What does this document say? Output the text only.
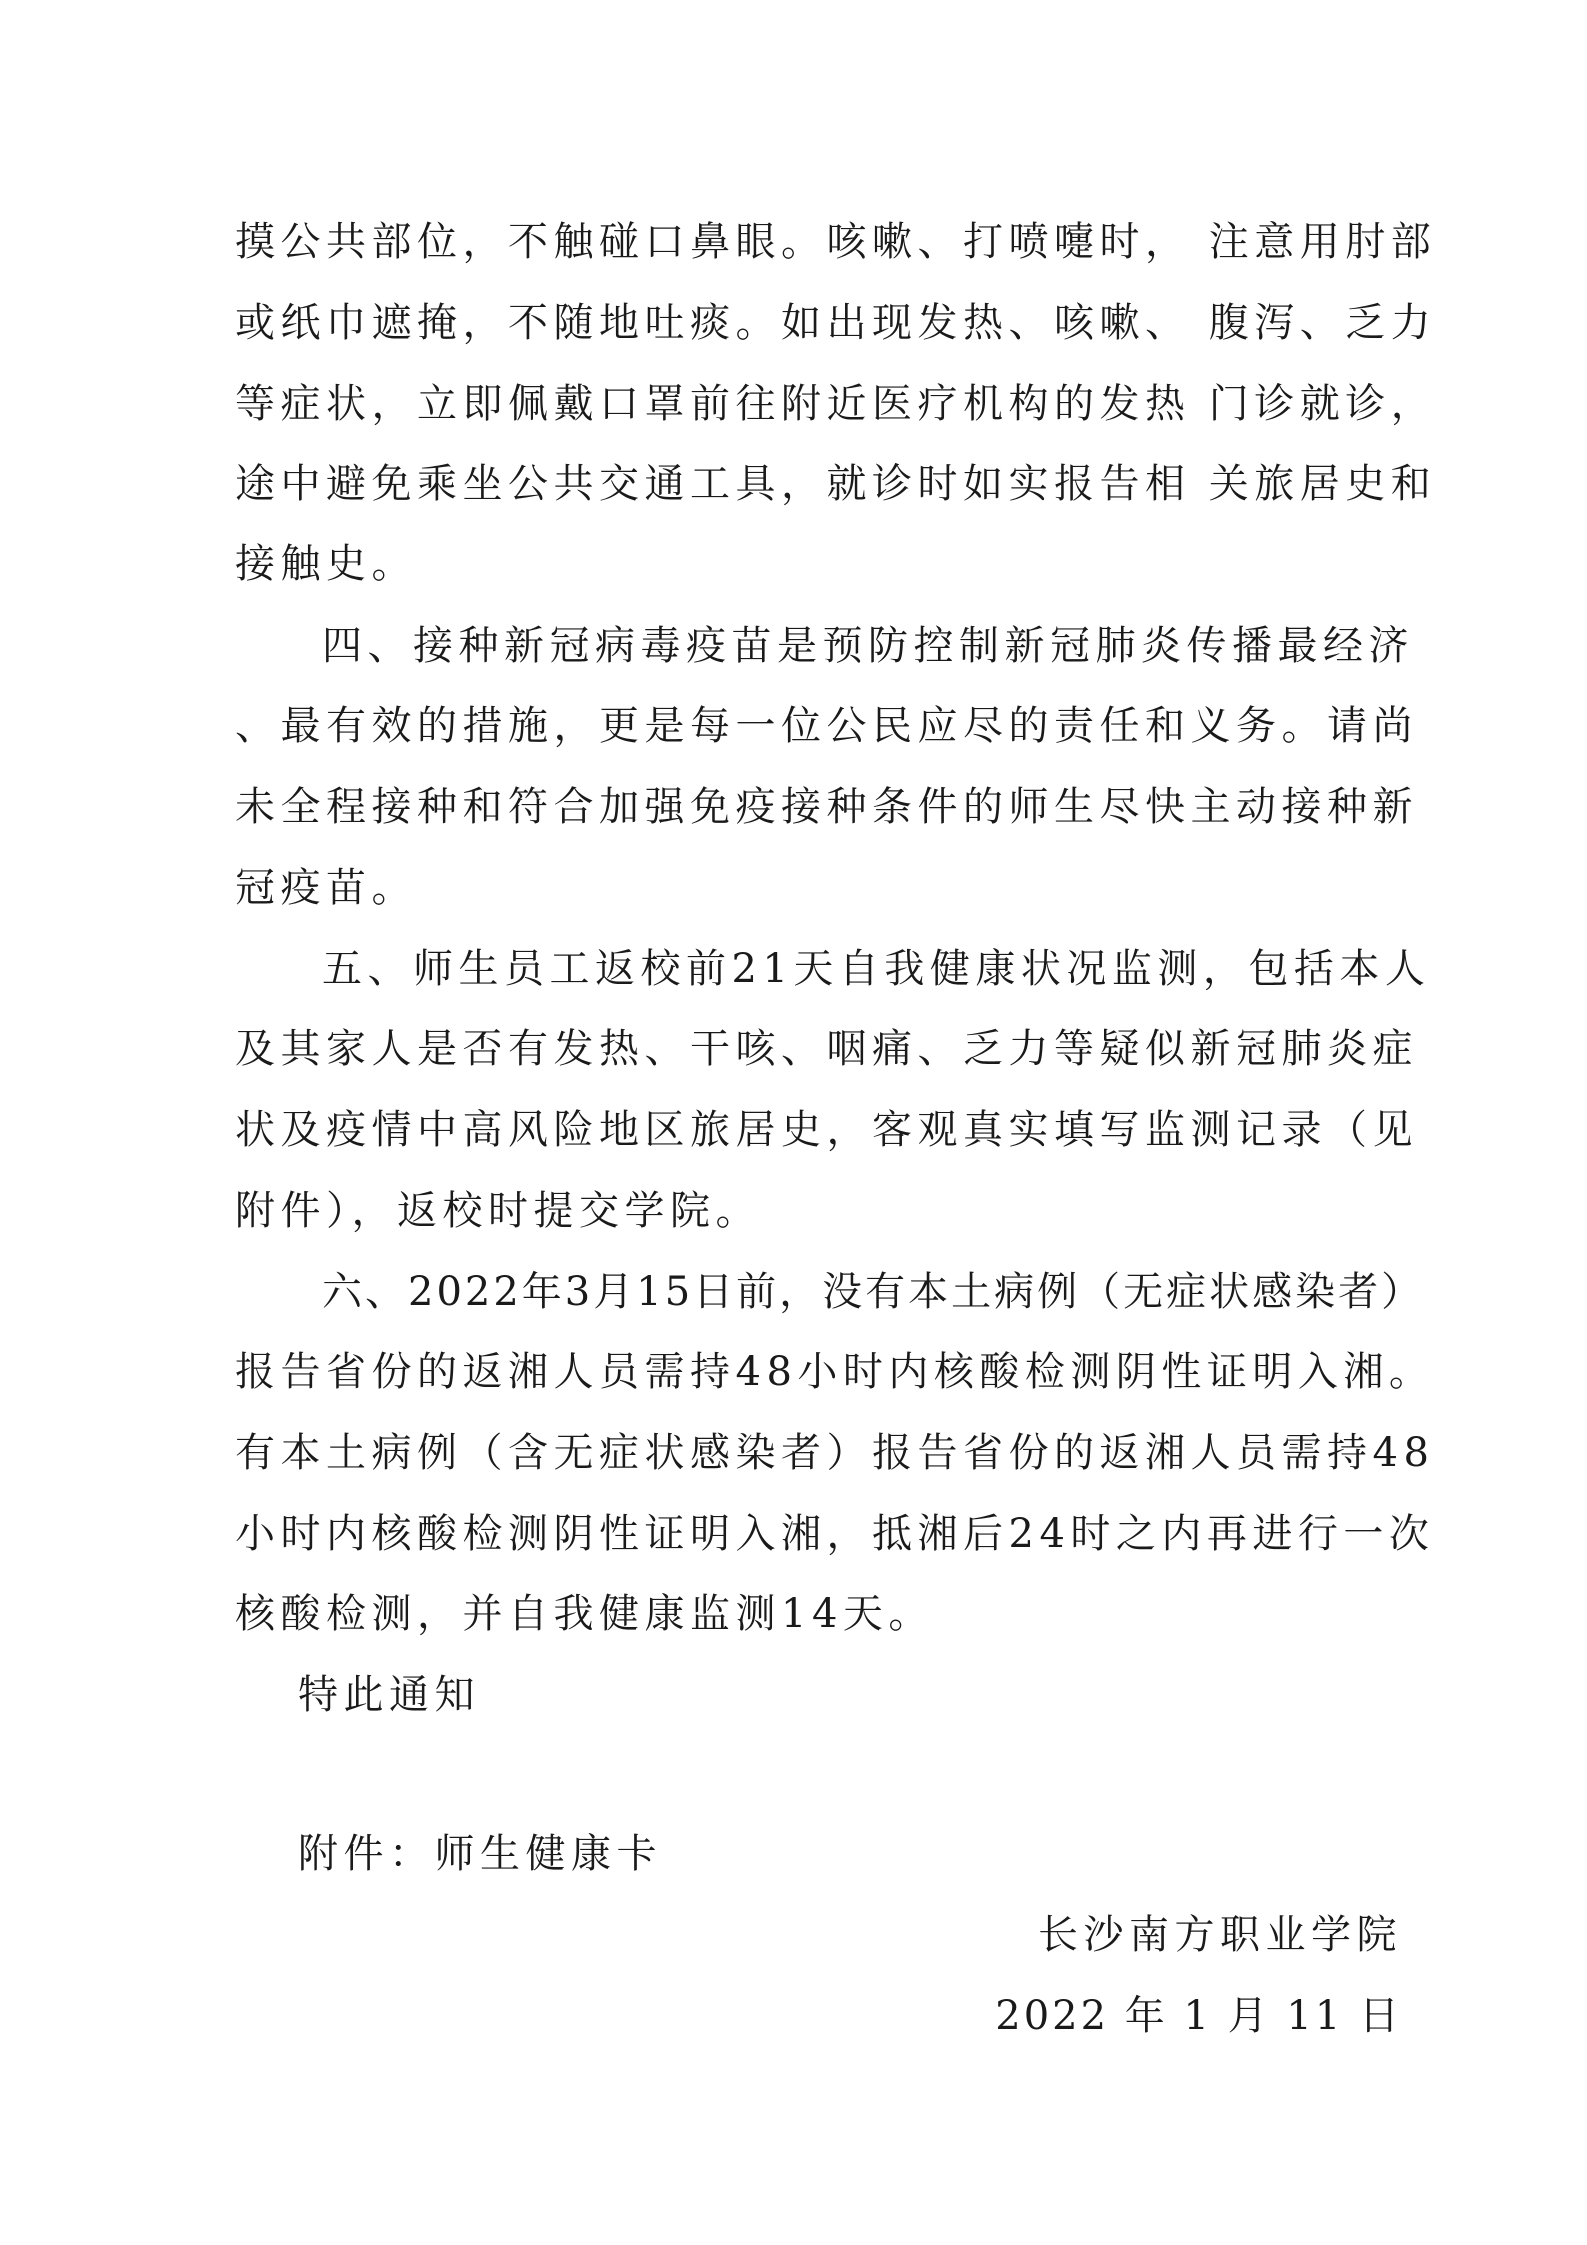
摸公共部位，不触碰口鼻眼。咳嗽、打喷嚏时， 注意用肘部
或纸巾遮掩，不随地吐痰。如出现发热、咳嗽、 腹泻、乏力
等症状，立即佩戴口罩前往附近医疗机构的发热 门诊就诊，
途中避免乘坐公共交通工具，就诊时如实报告相 关旅居史和
接触史。
四、接种新冠病毒疫苗是预防控制新冠肺炎传播最经济
、最有效的措施，更是每一位公民应尽的责任和义务。请尚
未全程接种和符合加强免疫接种条件的师生尽快主动接种新
冠疫苗。
五、师生员工返校前21天自我健康状况监测，包括本人
及其家人是否有发热、干咳、咽痛、乏力等疑似新冠肺炎症
状及疫情中高风险地区旅居史，客观真实填写监测记录（见
附件），返校时提交学院。
六、2022年3月15日前，没有本土病例（无症状感染者）
报告省份的返湘人员需持48小时内核酸检测阴性证明入湘。
有本土病例（含无症状感染者）报告省份的返湘人员需持48
小时内核酸检测阴性证明入湘，抵湘后24时之内再进行一次
核酸检测，并自我健康监测14天。
特此通知
附件：师生健康卡
长沙南方职业学院
2022 年 1 月 11 日
